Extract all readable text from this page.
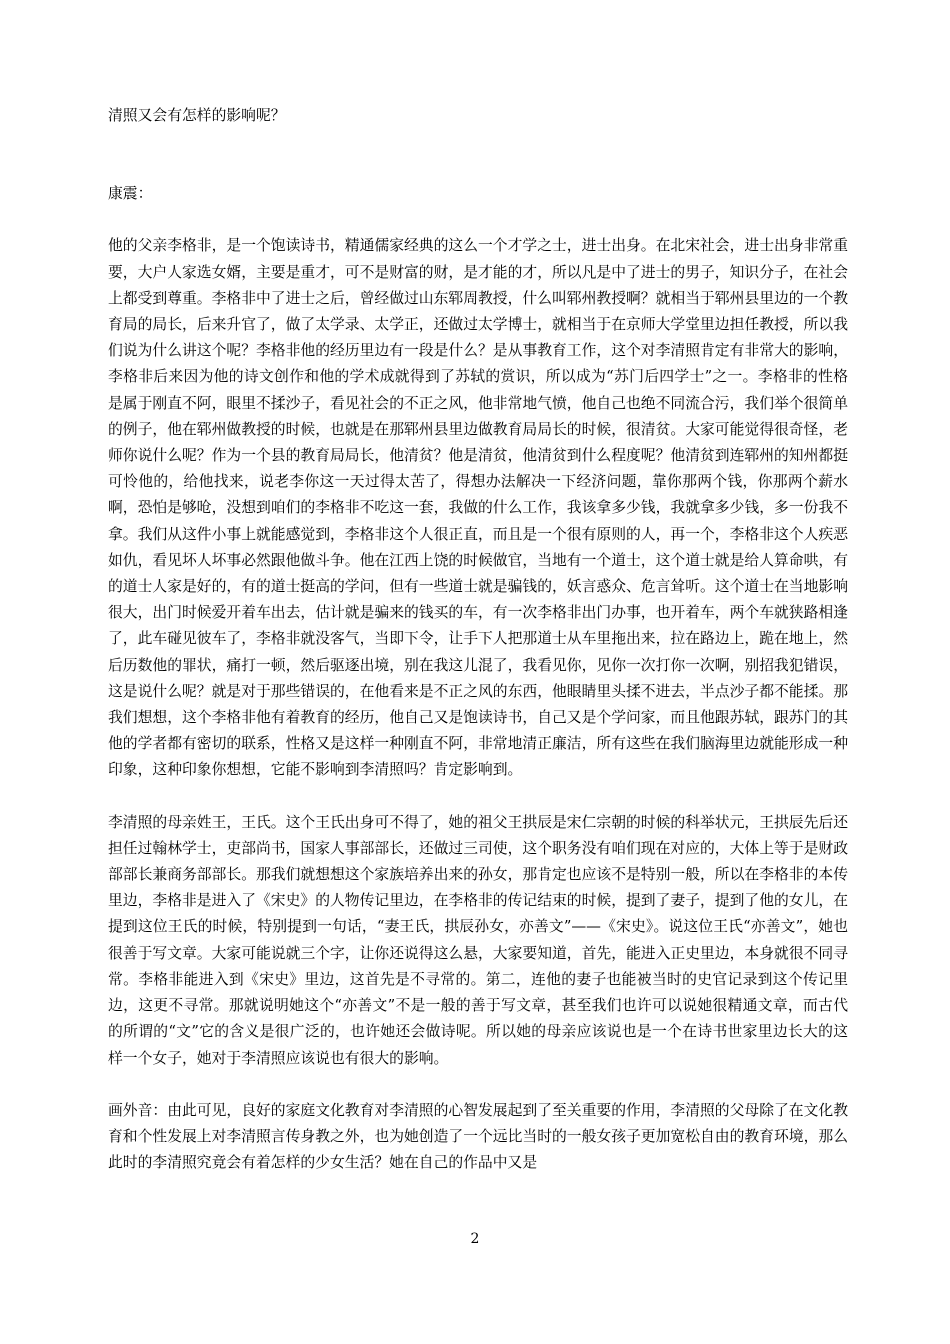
清照又会有怎样的影响呢？

康震：

他的父亲李格非，是一个饱读诗书，精通儒家经典的这么一个才学之士，进士出身。在北宋社会，进士出身非常重要，大户人家选女婿，主要是重才，可不是财富的财，是才能的才，所以凡是中了进士的男子，知识分子，在社会上都受到尊重。李格非中了进士之后，曾经做过山东郓周教授，什么叫郓州教授啊？就相当于郓州县里边的一个教育局的局长，后来升官了，做了太学录、太学正，还做过太学博士，就相当于在京师大学堂里边担任教授，所以我们说为什么讲这个呢？李格非他的经历里边有一段是什么？是从事教育工作，这个对李清照肯定有非常大的影响，李格非后来因为他的诗文创作和他的学术成就得到了苏轼的赏识，所以成为“苏门后四学士”之一。李格非的性格是属于刚直不阿，眼里不揉沙子，看见社会的不正之风，他非常地气愤，他自己也绝不同流合污，我们举个很简单的例子，他在郓州做教授的时候，也就是在那郓州县里边做教育局局长的时候，很清贫。大家可能觉得很奇怪，老师你说什么呢？作为一个县的教育局局长，他清贫？他是清贫，他清贫到什么程度呢？他清贫到连郓州的知州都挺可怜他的，给他找来，说老李你这一天过得太苦了，得想办法解决一下经济问题，靠你那两个钱，你那两个薪水啊，恐怕是够呛，没想到咱们的李格非不吃这一套，我做的什么工作，我该拿多少钱，我就拿多少钱，多一份我不拿。我们从这件小事上就能感觉到，李格非这个人很正直，而且是一个很有原则的人，再一个，李格非这个人疾恶如仇，看见坏人坏事必然跟他做斗争。他在江西上饶的时候做官，当地有一个道士，这个道士就是给人算命哄，有的道士人家是好的，有的道士挺高的学问，但有一些道士就是骗钱的，妖言惑众、危言耸听。这个道士在当地影响很大，出门时候爱开着车出去，估计就是骗来的钱买的车，有一次李格非出门办事，也开着车，两个车就狭路相逢了，此车碰见彼车了，李格非就没客气，当即下令，让手下人把那道士从车里拖出来，拉在路边上，跪在地上，然后历数他的罪状，痛打一顿，然后驱逐出境，别在我这儿混了，我看见你，见你一次打你一次啊，别招我犯错误，这是说什么呢？就是对于那些错误的，在他看来是不正之风的东西，他眼睛里头揉不进去，半点沙子都不能揉。那我们想想，这个李格非他有着教育的经历，他自己又是饱读诗书，自己又是个学问家，而且他跟苏轼，跟苏门的其他的学者都有密切的联系，性格又是这样一种刚直不阿，非常地清正廉洁，所有这些在我们脑海里边就能形成一种印象，这种印象你想想，它能不影响到李清照吗？肯定影响到。

李清照的母亲姓王，王氏。这个王氏出身可不得了，她的祖父王拱辰是宋仁宗朝的时候的科举状元，王拱辰先后还担任过翰林学士，吏部尚书，国家人事部部长，还做过三司使，这个职务没有咱们现在对应的，大体上等于是财政部部长兼商务部部长。那我们就想想这个家族培养出来的孙女，那肯定也应该不是特别一般，所以在李格非的本传里边，李格非是进入了《宋史》的人物传记里边，在李格非的传记结束的时候，提到了妻子，提到了他的女儿，在提到这位王氏的时候，特别提到一句话，“妻王氏，拱辰孙女，亦善文”——《宋史》。说这位王氏“亦善文”，她也很善于写文章。大家可能说就三个字，让你还说得这么悬，大家要知道，首先，能进入正史里边，本身就很不同寻常。李格非能进入到《宋史》里边，这首先是不寻常的。第二，连他的妻子也能被当时的史官记录到这个传记里边，这更不寻常。那就说明她这个“亦善文”不是一般的善于写文章，甚至我们也许可以说她很精通文章，而古代的所谓的“文”它的含义是很广泛的，也许她还会做诗呢。所以她的母亲应该说也是一个在诗书世家里边长大的这样一个女子，她对于李清照应该说也有很大的影响。

画外音：由此可见，良好的家庭文化教育对李清照的心智发展起到了至关重要的作用，李清照的父母除了在文化教育和个性发展上对李清照言传身教之外，也为她创造了一个远比当时的一般女孩子更加宽松自由的教育环境，那么此时的李清照究竟会有着怎样的少女生活？她在自己的作品中又是

2
